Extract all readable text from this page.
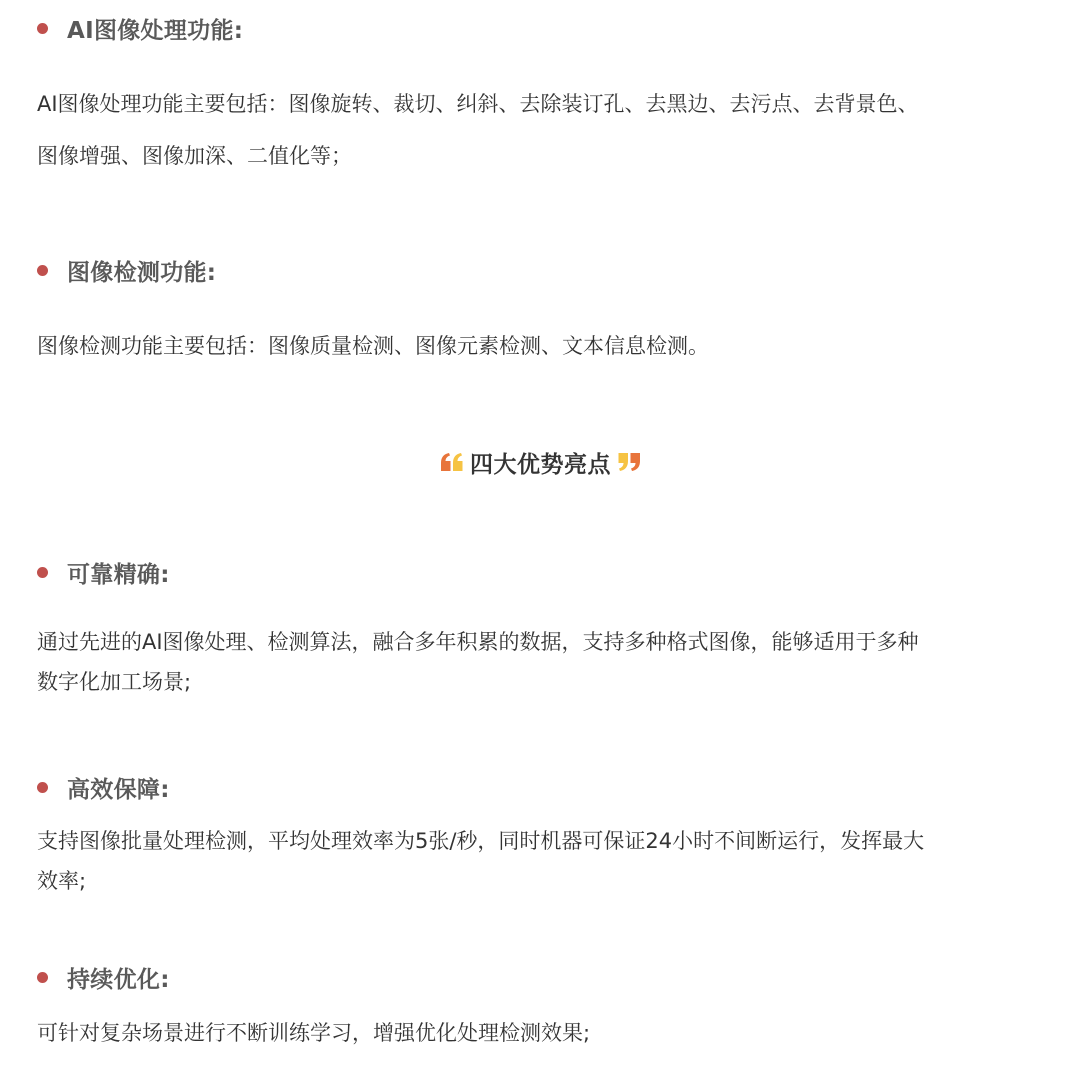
AI图像处理功能:
AI图像处理功能主要包括：图像旋转、裁切、纠斜、去除装订孔、去黑边、去污点、去背景色、
图像增强、图像加深、二值化等；
图像检测功能:
图像检测功能主要包括：图像质量检测、图像元素检测、文本信息检测。
四大优势亮点
可靠精确:
通过先进的AI图像处理、检测算法，融合多年积累的数据，支持多种格式图像，能够适用于多种
数字化加工场景;
高效保障:
支持图像批量处理检测，平均处理效率为5张/秒，同时机器可保证24小时不间断运行，发挥最大
效率;
持续优化:
可针对复杂场景进行不断训练学习，增强优化处理检测效果;
